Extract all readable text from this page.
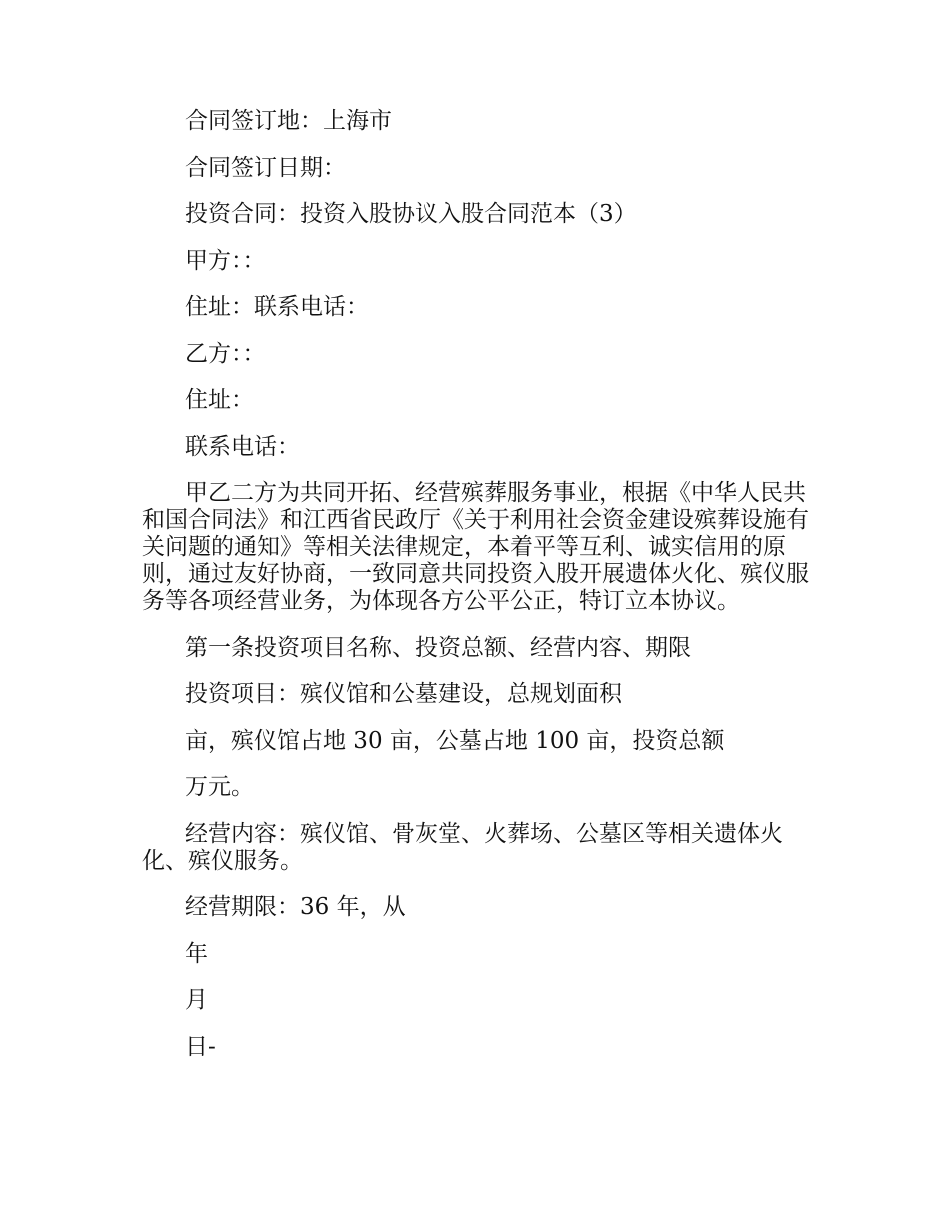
合同签订地：上海市

合同签订日期：

投资合同：投资入股协议入股合同范本（3）

甲方：：

住址：联系电话：

乙方：：

住址：

联系电话：

甲乙二方为共同开拓、经营殡葬服务事业，根据《中华人民共和国合同法》和江西省民政厅《关于利用社会资金建设殡葬设施有关问题的通知》等相关法律规定，本着平等互利、诚实信用的原则，通过友好协商，一致同意共同投资入股开展遗体火化、殡仪服务等各项经营业务，为体现各方公平公正，特订立本协议。

第一条投资项目名称、投资总额、经营内容、期限

投资项目：殡仪馆和公墓建设，总规划面积

亩，殡仪馆占地 30 亩，公墓占地 100 亩，投资总额

万元。

经营内容：殡仪馆、骨灰堂、火葬场、公墓区等相关遗体火化、殡仪服务。

经营期限：36 年，从

年

月

日-
